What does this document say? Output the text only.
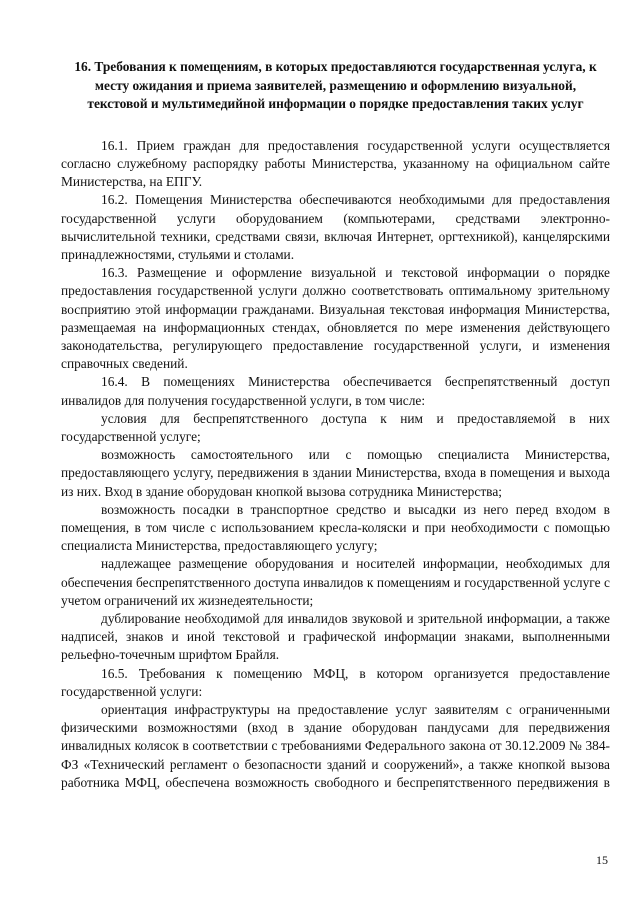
16. Требования к помещениям, в которых предоставляются государственная услуга, к месту ожидания и приема заявителей, размещению и оформлению визуальной, текстовой и мультимедийной информации о порядке предоставления таких услуг

16.1. Прием граждан для предоставления государственной услуги осуществляется согласно служебному распорядку работы Министерства, указанному на официальном сайте Министерства, на ЕПГУ.

16.2. Помещения Министерства обеспечиваются необходимыми для предоставления государственной услуги оборудованием (компьютерами, средствами электронно-вычислительной техники, средствами связи, включая Интернет, оргтехникой), канцелярскими принадлежностями, стульями и столами.

16.3. Размещение и оформление визуальной и текстовой информации о порядке предоставления государственной услуги должно соответствовать оптимальному зрительному восприятию этой информации гражданами. Визуальная текстовая информация Министерства, размещаемая на информационных стендах, обновляется по мере изменения действующего законодательства, регулирующего предоставление государственной услуги, и изменения справочных сведений.

16.4. В помещениях Министерства обеспечивается беспрепятственный доступ инвалидов для получения государственной услуги, в том числе:

условия для беспрепятственного доступа к ним и предоставляемой в них государственной услуге;

возможность самостоятельного или с помощью специалиста Министерства, предоставляющего услугу, передвижения в здании Министерства, входа в помещения и выхода из них. Вход в здание оборудован кнопкой вызова сотрудника Министерства;

возможность посадки в транспортное средство и высадки из него перед входом в помещения, в том числе с использованием кресла-коляски и при необходимости с помощью специалиста Министерства, предоставляющего услугу;

надлежащее размещение оборудования и носителей информации, необходимых для обеспечения беспрепятственного доступа инвалидов к помещениям и государственной услуге с учетом ограничений их жизнедеятельности;

дублирование необходимой для инвалидов звуковой и зрительной информации, а также надписей, знаков и иной текстовой и графической информации знаками, выполненными рельефно-точечным шрифтом Брайля.

16.5. Требования к помещению МФЦ, в котором организуется предоставление государственной услуги:

ориентация инфраструктуры на предоставление услуг заявителям с ограниченными физическими возможностями (вход в здание оборудован пандусами для передвижения инвалидных колясок в соответствии с требованиями Федерального закона от 30.12.2009 № 384-ФЗ «Технический регламент о безопасности зданий и сооружений», а также кнопкой вызова работника МФЦ, обеспечена возможность свободного и беспрепятственного передвижения в

15
